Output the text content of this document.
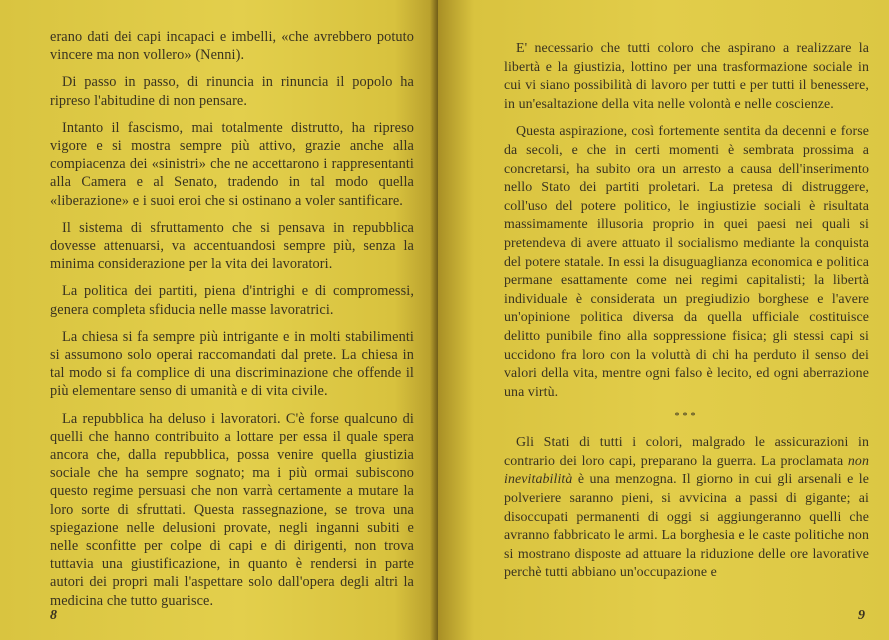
erano dati dei capi incapaci e imbelli, «che avrebbero potuto vincere ma non vollero» (Nenni).

Di passo in passo, di rinuncia in rinuncia il popolo ha ripreso l'abitudine di non pensare.

Intanto il fascismo, mai totalmente distrutto, ha ripreso vigore e si mostra sempre più attivo, grazie anche alla compiacenza dei «sinistri» che ne accettarono i rappresentanti alla Camera e al Senato, tradendo in tal modo quella «liberazione» e i suoi eroi che si ostinano a voler santificare.

Il sistema di sfruttamento che si pensava in repubblica dovesse attenuarsi, va accentuandosi sempre più, senza la minima considerazione per la vita dei lavoratori.

La politica dei partiti, piena d'intrighi e di compromessi, genera completa sfiducia nelle masse lavoratrici.

La chiesa si fa sempre più intrigante e in molti stabilimenti si assumono solo operai raccomandati dal prete. La chiesa in tal modo si fa complice di una discriminazione che offende il più elementare senso di umanità e di vita civile.

La repubblica ha deluso i lavoratori. C'è forse qualcuno di quelli che hanno contribuito a lottare per essa il quale spera ancora che, dalla repubblica, possa venire quella giustizia sociale che ha sempre sognato; ma i più ormai subiscono questo regime persuasi che non varrà certamente a mutare la loro sorte di sfruttati. Questa rassegnazione, se trova una spiegazione nelle delusioni provate, negli inganni subiti e nelle sconfitte per colpe di capi e di dirigenti, non trova tuttavia una giustificazione, in quanto è rendersi in parte autori dei propri mali l'aspettare solo dall'opera degli altri la medicina che tutto guarisce.

8

E' necessario che tutti coloro che aspirano a realizzare la libertà e la giustizia, lottino per una trasformazione sociale in cui vi siano possibilità di lavoro per tutti e per tutti il benessere, in un'esaltazione della vita nelle volontà e nelle coscienze.

Questa aspirazione, così fortemente sentita da decenni e forse da secoli, e che in certi momenti è sembrata prossima a concretarsi, ha subito ora un arresto a causa dell'inserimento nello Stato dei partiti proletari. La pretesa di distruggere, coll'uso del potere politico, le ingiustizie sociali è risultata massimamente illusoria proprio in quei paesi nei quali si pretendeva di avere attuato il socialismo mediante la conquista del potere statale. In essi la disuguaglianza economica e politica permane esattamente come nei regimi capitalisti; la libertà individuale è considerata un pregiudizio borghese e l'avere un'opinione politica diversa da quella ufficiale costituisce delitto punibile fino alla soppressione fisica; gli stessi capi si uccidono fra loro con la voluttà di chi ha perduto il senso dei valori della vita, mentre ogni falso è lecito, ed ogni aberrazione una virtù.

***

Gli Stati di tutti i colori, malgrado le assicurazioni in contrario dei loro capi, preparano la guerra. La proclamata non inevitabilità è una menzogna. Il giorno in cui gli arsenali e le polveriere saranno pieni, si avvicina a passi di gigante; ai disoccupati permanenti di oggi si aggiungeranno quelli che avranno fabbricato le armi. La borghesia e le caste politiche non si mostrano disposte ad attuare la riduzione delle ore lavorative perchè tutti abbiano un'occupazione e

9
